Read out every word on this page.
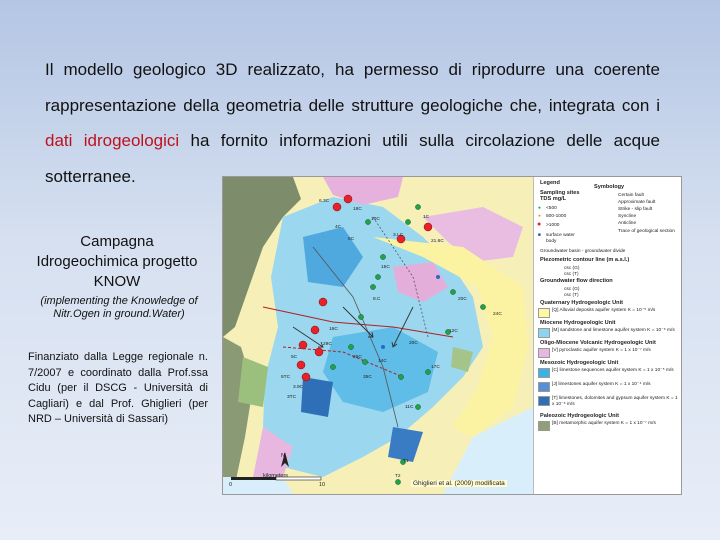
Il modello geologico 3D realizzato, ha permesso di riprodurre una coerente rappresentazione della geometria delle strutture geologiche che, integrata con i dati idrogeologici ha fornito informazioni utili sulla circolazione delle acque sotterranee.

Campagna Idrogeochimica progetto KNOW

(implementing the Knowledge of Nitr.Ogen in ground.Water)

Finanziato dalla Legge regionale n. 7/2007 e coordinato dalla Prof.ssa Cidu (per il DSCG - Università di Cagliari) e dal Prof. Ghiglieri (per NRD – Università di Sassari)

N
kilometers
0	10	Ghiglieri et al. (2009) modificata
Legend
Symbology
Sampling sites TDS mg/L
● <500
● 500-1000
● >1000
■ surface water body
Certain fault
Approximate fault
Strike - slip fault
Syncline
Anticline
Trace of geological section
Groundwater basin - groundwater divide
Piezometric contour line (m a.s.l.)
csc (G)
csc (T)
Groundwater flow direction
csc (G)
csc (T)
Quaternary Hydrogeologic Unit
[Q] Alluvial deposits aquifer system K = 10⁻⁵ m/s
Miocene Hydrogeologic Unit
[M] sandstone and limestone aquifer system K = 10⁻⁶ m/s
Oligo-Miocene Volcanic Hydrogeologic Unit
[V] pyroclastic aquifer system K = 1 x 10⁻⁷ m/s
Mesozoic Hydrogeologic Unit
[C] limestone sequences aquifer system K = 1 x 10⁻⁵ m/s
[J] limestones aquifer system K = 1 x 10⁻⁴ m/s
[T] limestones, dolomites and gypsum aquifer system K = 1 x 10⁻⁶ m/s
Paleozoic Hydrogeologic Unit
[B] metamorphic aquifer system K = 1 x 10⁻⁷ m/s
6.3C
18C
10C
4C
6C
3.LC
1C
21.6C
20C
15C
8.C
24C
16C
29C
26C
14C
35C
5C
20C
17C
5TC
3.9C
3TC
11C
12C
T1
T2
